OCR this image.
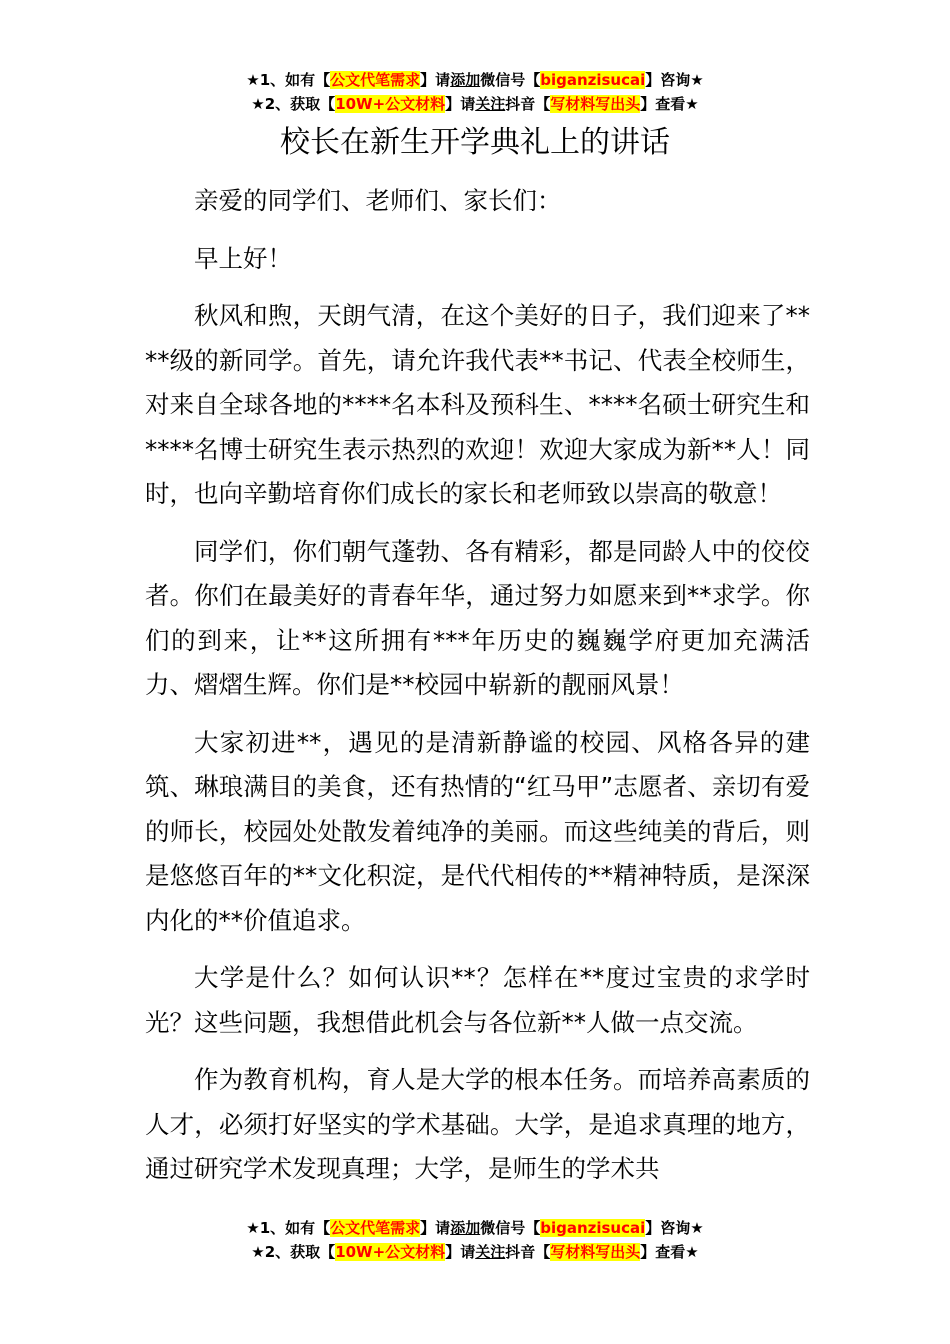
★1、如有【公文代笔需求】请添加微信号【biganzisucai】咨询★
★2、获取【10W+公文材料】请关注抖音【写材料写出头】查看★
校长在新生开学典礼上的讲话

亲爱的同学们、老师们、家长们：

早上好！

秋风和煦，天朗气清，在这个美好的日子，我们迎来了****级的新同学。首先，请允许我代表**书记、代表全校师生，对来自全球各地的****名本科及预科生、****名硕士研究生和****名博士研究生表示热烈的欢迎！欢迎大家成为新**人！同时，也向辛勤培育你们成长的家长和老师致以崇高的敬意！

同学们，你们朝气蓬勃、各有精彩，都是同龄人中的佼佼者。你们在最美好的青春年华，通过努力如愿来到**求学。你们的到来，让**这所拥有***年历史的巍巍学府更加充满活力、熠熠生辉。你们是**校园中崭新的靓丽风景！

大家初进**，遇见的是清新静谧的校园、风格各异的建筑、琳琅满目的美食，还有热情的“红马甲”志愿者、亲切有爱的师长，校园处处散发着纯净的美丽。而这些纯美的背后，则是悠悠百年的**文化积淀，是代代相传的**精神特质，是深深内化的**价值追求。

大学是什么？如何认识**？怎样在**度过宝贵的求学时光？这些问题，我想借此机会与各位新**人做一点交流。

作为教育机构，育人是大学的根本任务。而培养高素质的人才，必须打好坚实的学术基础。大学，是追求真理的地方，通过研究学术发现真理；大学，是师生的学术共

★1、如有【公文代笔需求】请添加微信号【biganzisucai】咨询★
★2、获取【10W+公文材料】请关注抖音【写材料写出头】查看★
